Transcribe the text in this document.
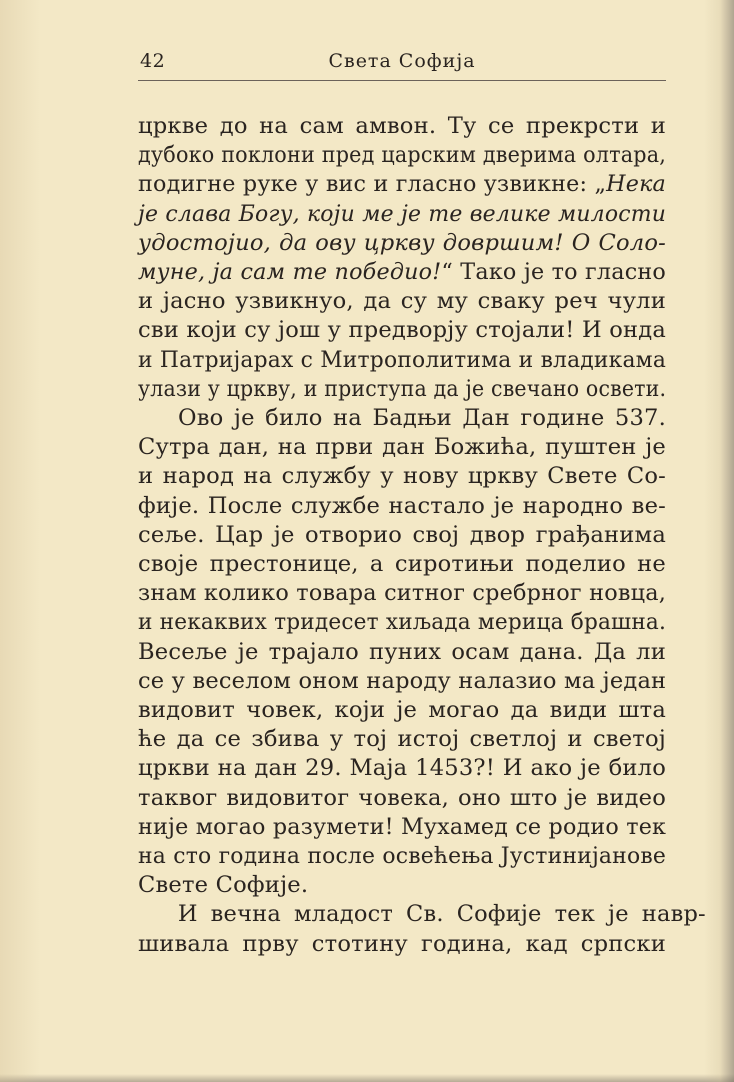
42	Света Софија
цркве до на сам амвон. Ту се прекрсти и
дубоко поклони пред царским дверима олтара,
подигне руке у вис и гласно узвикне: „Нека
је слава Богу, који ме је те велике милости
удостојио, да ову цркву довршим! О Соло-
муне, ја сам те победио!“ Тако је то гласно
и јасно узвикнуо, да су му сваку реч чули
сви који су још у предворју стојали! И онда
и Патријарах с Митрополитима и владикама
улази у цркву, и приступа да је свечано освети.
Ово је било на Бадњи Дан године 537.
Сутра дан, на први дан Божића, пуштен је
и народ на службу у нову цркву Свете Со-
фије. После службе настало је народно ве-
сеље. Цар је отворио свој двор грађанима
своје престонице, а сиротињи поделио не
знам колико товара ситног сребрног новца,
и некаквих тридесет хиљада мерица брашна.
Весеље је трајало пуних осам дана. Да ли
се у веселом оном народу налазио ма један
видовит човек, који је могао да види шта
ће да се збива у тој истој светлој и светој
цркви на дан 29. Маја 1453?! И ако је било
таквог видовитог човека, оно што је видео
није могао разумети! Мухамед се родио тек
на сто година после освећења Јустинијанове
Свете Софије.
И вечна младост Св. Софије тек је навр-
шивала прву стотину година, кад српски
